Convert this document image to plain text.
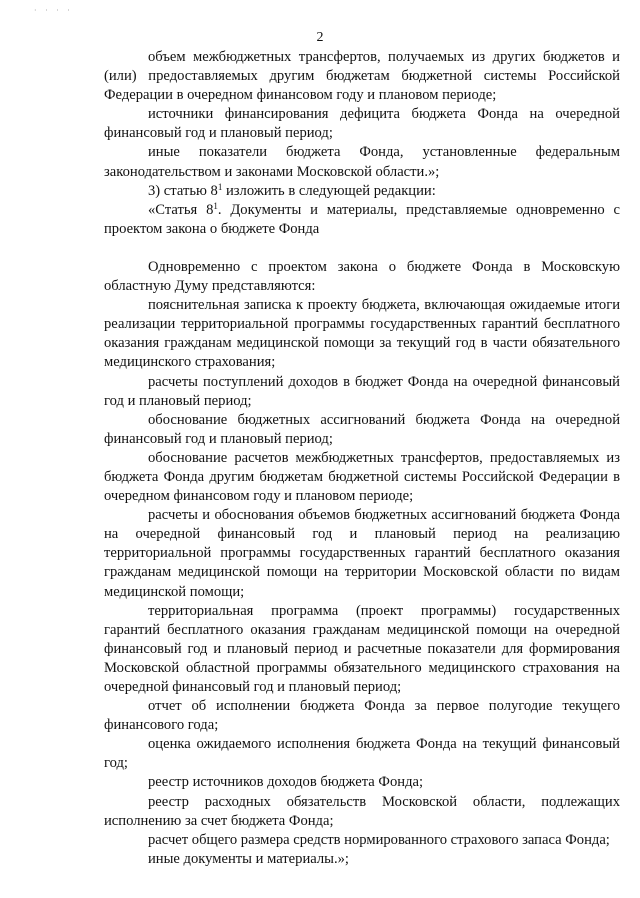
· · · ·
2

объем межбюджетных трансфертов, получаемых из других бюджетов и (или) предоставляемых другим бюджетам бюджетной системы Российской Федерации в очередном финансовом году и плановом периоде;

источники финансирования дефицита бюджета Фонда на очередной финансовый год и плановый период;

иные показатели бюджета Фонда, установленные федеральным законодательством и законами Московской области.»;

3) статью $8^1$ изложить в следующей редакции:

«Статья $8^1$. Документы и материалы, представляемые одновременно с проектом закона о бюджете Фонда

Одновременно с проектом закона о бюджете Фонда в Московскую областную Думу представляются:

пояснительная записка к проекту бюджета, включающая ожидаемые итоги реализации территориальной программы государственных гарантий бесплатного оказания гражданам медицинской помощи за текущий год в части обязательного медицинского страхования;

расчеты поступлений доходов в бюджет Фонда на очередной финансовый год и плановый период;

обоснование бюджетных ассигнований бюджета Фонда на очередной финансовый год и плановый период;

обоснование расчетов межбюджетных трансфертов, предоставляемых из бюджета Фонда другим бюджетам бюджетной системы Российской Федерации в очередном финансовом году и плановом периоде;

расчеты и обоснования объемов бюджетных ассигнований бюджета Фонда на очередной финансовый год и плановый период на реализацию территориальной программы государственных гарантий бесплатного оказания гражданам медицинской помощи на территории Московской области по видам медицинской помощи;

территориальная программа (проект программы) государственных гарантий бесплатного оказания гражданам медицинской помощи на очередной финансовый год и плановый период и расчетные показатели для формирования Московской областной программы обязательного медицинского страхования на очередной финансовый год и плановый период;

отчет об исполнении бюджета Фонда за первое полугодие текущего финансового года;

оценка ожидаемого исполнения бюджета Фонда на текущий финансовый год;

реестр источников доходов бюджета Фонда;

реестр расходных обязательств Московской области, подлежащих исполнению за счет бюджета Фонда;

расчет общего размера средств нормированного страхового запаса Фонда;

иные документы и материалы.»;
